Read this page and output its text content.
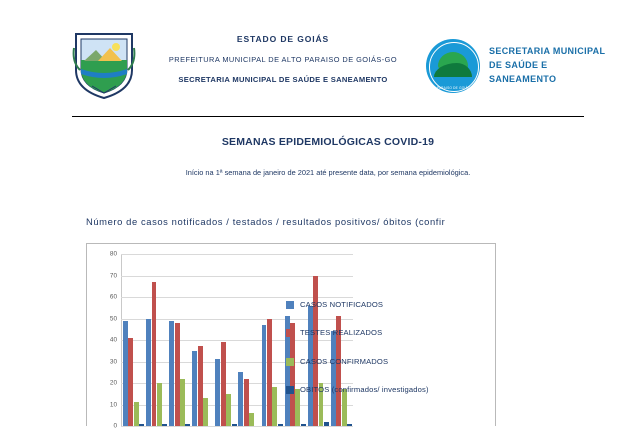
ESTADO DE GOIÁS
PREFEITURA MUNICIPAL DE ALTO PARAISO DE GOIÁS-GO
SECRETARIA MUNICIPAL DE SAÚDE E SANEAMENTO
ALTO PARAISO DE GOIÁS 2021
SECRETARIA MUNICIPAL
DE SAÚDE E
SANEAMENTO
SEMANAS EPIDEMIOLÓGICAS COVID-19
Início na 1ª semana de janeiro de 2021 até presente data, por semana epidemiológica.
Número de casos notificados / testados / resultados positivos/ óbitos (confir
0
10
20
30
40
50
60
70
80
CASOS NOTIFICADOS
TESTES REALIZADOS
CASOS CONFIRMADOS
OBITOS (confirmados/ investigados)
